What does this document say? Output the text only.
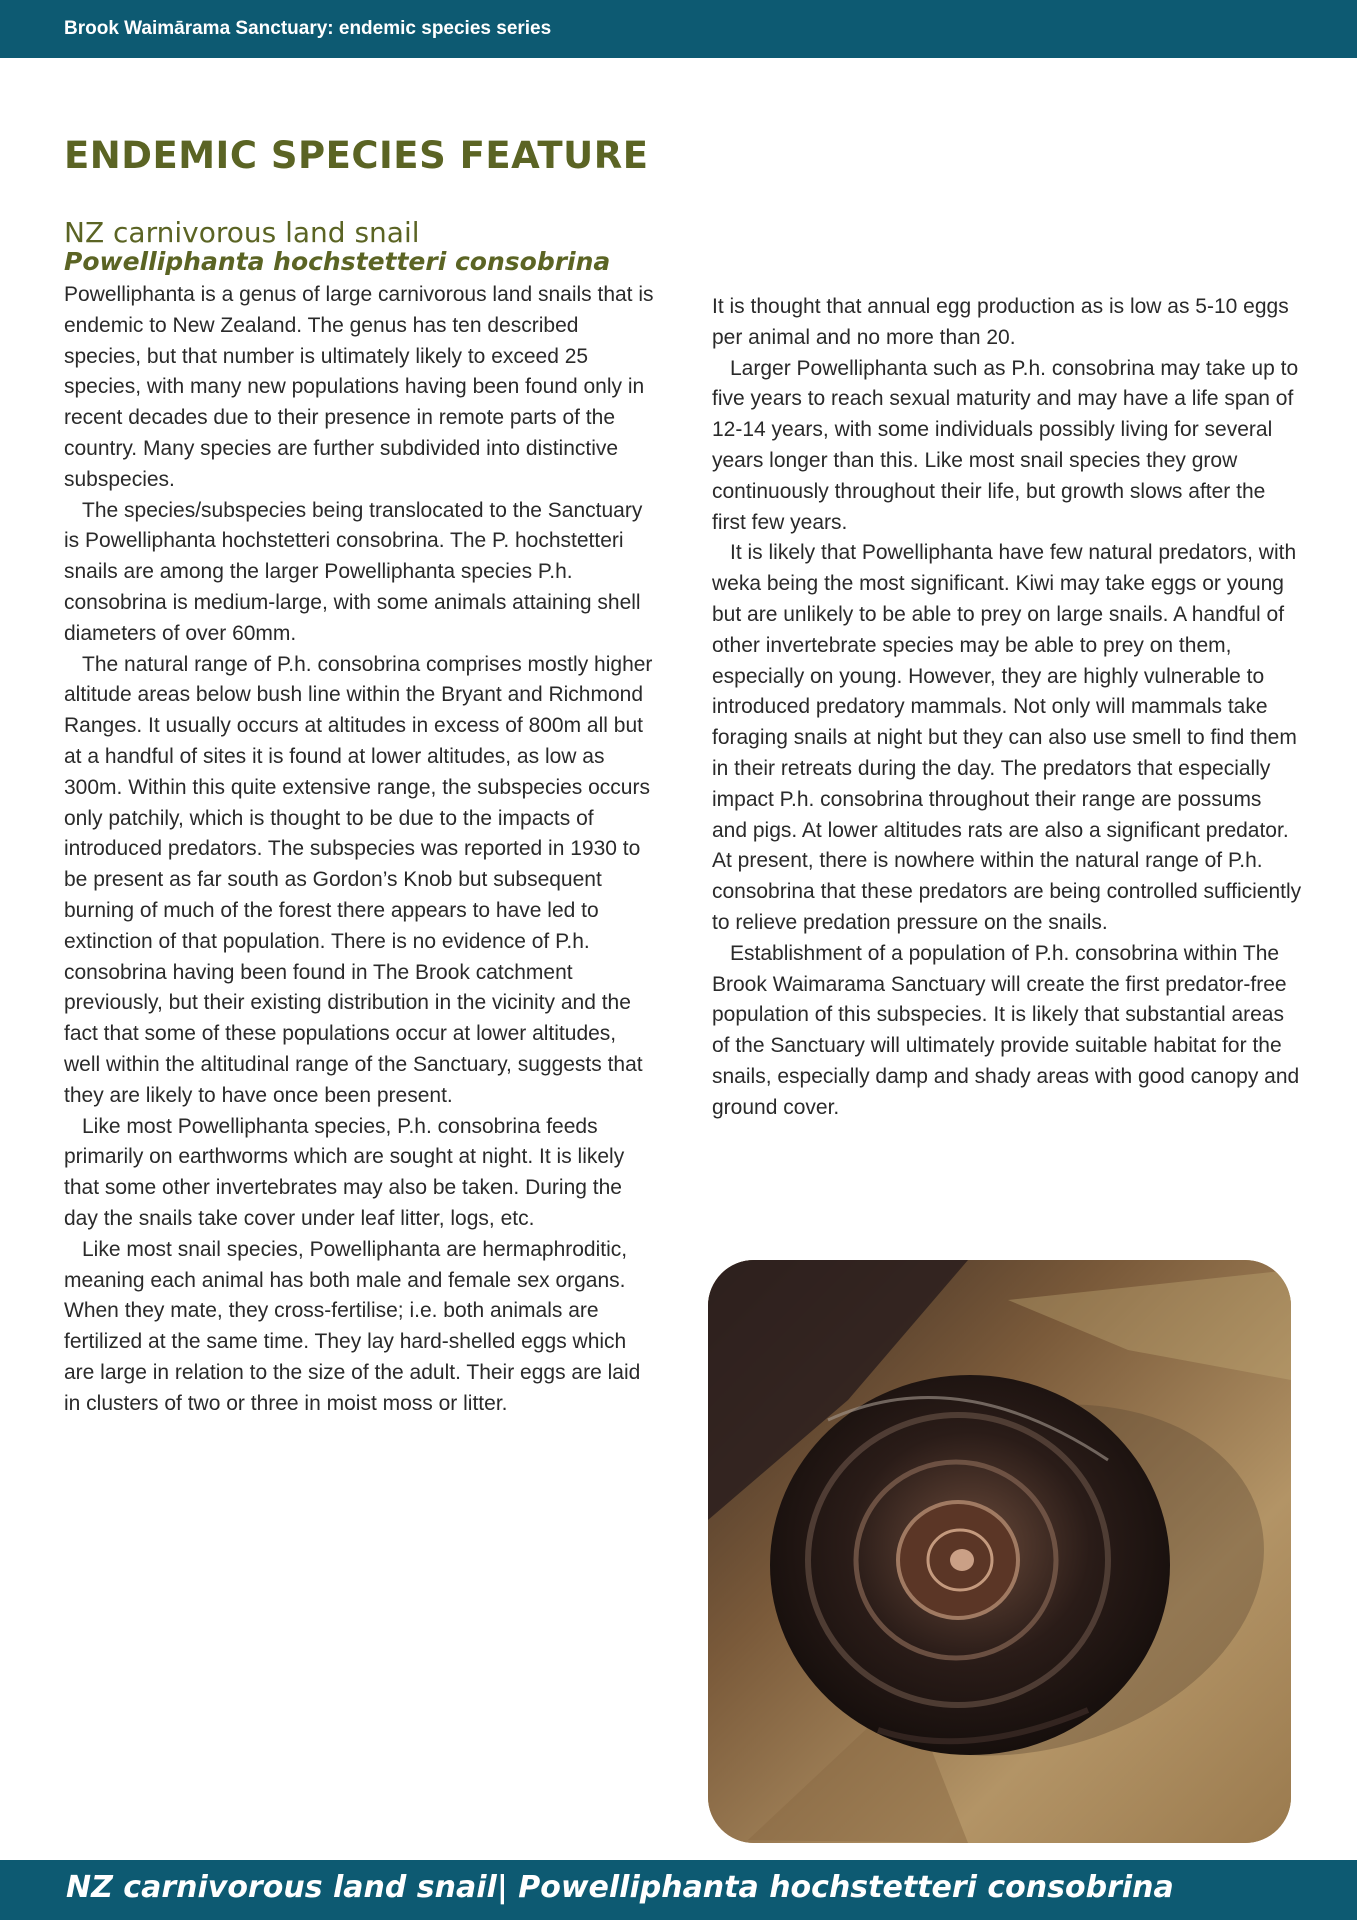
Brook Waimārama Sanctuary: endemic species series
ENDEMIC SPECIES FEATURE
NZ carnivorous land snail
Powelliphanta hochstetteri consobrina

Powelliphanta is a genus of large carnivorous land snails that is endemic to New Zealand. The genus has ten described species, but that number is ultimately likely to exceed 25 species, with many new populations having been found only in recent decades due to their presence in remote parts of the country. Many species are further subdivided into distinctive subspecies.

The species/subspecies being translocated to the Sanctuary is Powelliphanta hochstetteri consobrina. The P. hochstetteri snails are among the larger Powelliphanta species P.h. consobrina is medium-large, with some animals attaining shell diameters of over 60mm.

The natural range of P.h. consobrina comprises mostly higher altitude areas below bush line within the Bryant and Richmond Ranges. It usually occurs at altitudes in excess of 800m all but at a handful of sites it is found at lower altitudes, as low as 300m. Within this quite extensive range, the subspecies occurs only patchily, which is thought to be due to the impacts of introduced predators. The subspecies was reported in 1930 to be present as far south as Gordon’s Knob but subsequent burning of much of the forest there appears to have led to extinction of that population. There is no evidence of P.h. consobrina having been found in The Brook catchment previously, but their existing distribution in the vicinity and the fact that some of these populations occur at lower altitudes, well within the altitudinal range of the Sanctuary, suggests that they are likely to have once been present.

Like most Powelliphanta species, P.h. consobrina feeds primarily on earthworms which are sought at night. It is likely that some other invertebrates may also be taken. During the day the snails take cover under leaf litter, logs, etc.

Like most snail species, Powelliphanta are hermaphroditic, meaning each animal has both male and female sex organs. When they mate, they cross-fertilise; i.e. both animals are fertilized at the same time. They lay hard-shelled eggs which are large in relation to the size of the adult. Their eggs are laid in clusters of two or three in moist moss or litter.

It is thought that annual egg production as is low as 5-10 eggs per animal and no more than 20.

Larger Powelliphanta such as P.h. consobrina may take up to five years to reach sexual maturity and may have a life span of 12-14 years, with some individuals possibly living for several years longer than this. Like most snail species they grow continuously throughout their life, but growth slows after the first few years.

It is likely that Powelliphanta have few natural predators, with weka being the most significant. Kiwi may take eggs or young but are unlikely to be able to prey on large snails. A handful of other invertebrate species may be able to prey on them, especially on young. However, they are highly vulnerable to introduced predatory mammals. Not only will mammals take foraging snails at night but they can also use smell to find them in their retreats during the day. The predators that especially impact P.h. consobrina throughout their range are possums and pigs. At lower altitudes rats are also a significant predator. At present, there is nowhere within the natural range of P.h. consobrina that these predators are being controlled sufficiently to relieve predation pressure on the snails.

Establishment of a population of P.h. consobrina within The Brook Waimarama Sanctuary will create the first predator-free population of this subspecies. It is likely that substantial areas of the Sanctuary will ultimately provide suitable habitat for the snails, especially damp and shady areas with good canopy and ground cover.

NZ carnivorous land snail| Powelliphanta hochstetteri consobrina
